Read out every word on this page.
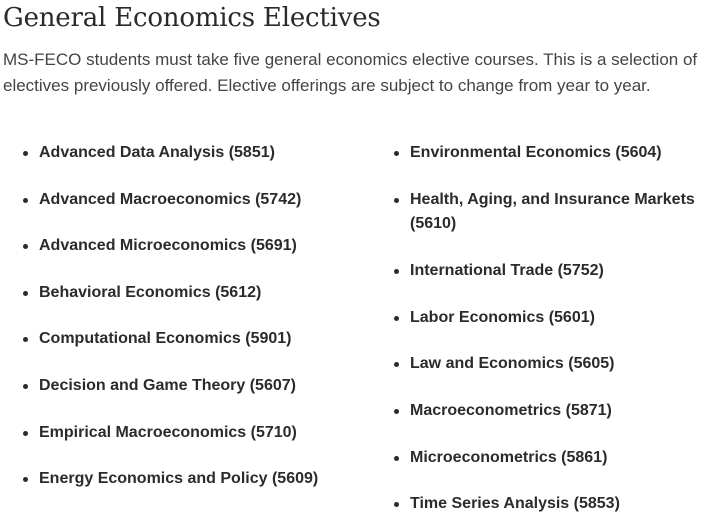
General Economics Electives

MS-FECO students must take five general economics elective courses. This is a selection of electives previously offered. Elective offerings are subject to change from year to year.

Advanced Data Analysis (5851)
Advanced Macroeconomics (5742)
Advanced Microeconomics (5691)
Behavioral Economics (5612)
Computational Economics (5901)
Decision and Game Theory (5607)
Empirical Macroeconomics (5710)
Energy Economics and Policy (5609)
Environmental Economics (5604)
Health, Aging, and Insurance Markets (5610)
International Trade (5752)
Labor Economics (5601)
Law and Economics (5605)
Macroeconometrics (5871)
Microeconometrics (5861)
Time Series Analysis (5853)
